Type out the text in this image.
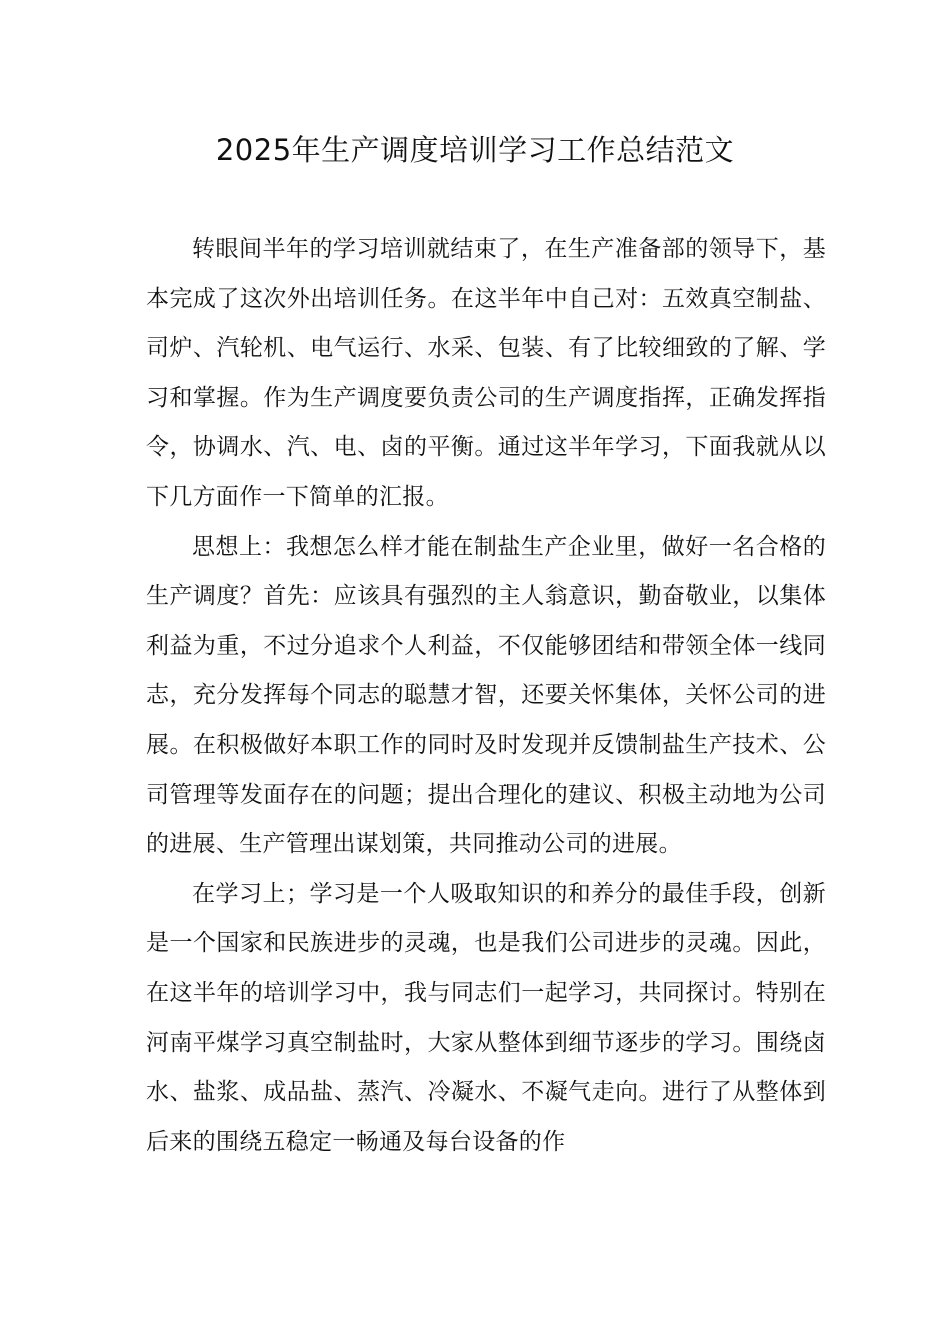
2025年生产调度培训学习工作总结范文

转眼间半年的学习培训就结束了，在生产准备部的领导下，基本完成了这次外出培训任务。在这半年中自己对：五效真空制盐、司炉、汽轮机、电气运行、水采、包装、有了比较细致的了解、学习和掌握。作为生产调度要负责公司的生产调度指挥，正确发挥指令，协调水、汽、电、卤的平衡。通过这半年学习，下面我就从以下几方面作一下简单的汇报。

思想上：我想怎么样才能在制盐生产企业里，做好一名合格的生产调度？首先：应该具有强烈的主人翁意识，勤奋敬业，以集体利益为重，不过分追求个人利益，不仅能够团结和带领全体一线同志，充分发挥每个同志的聪慧才智，还要关怀集体，关怀公司的进展。在积极做好本职工作的同时及时发现并反馈制盐生产技术、公司管理等发面存在的问题；提出合理化的建议、积极主动地为公司的进展、生产管理出谋划策，共同推动公司的进展。

在学习上；学习是一个人吸取知识的和养分的最佳手段，创新是一个国家和民族进步的灵魂，也是我们公司进步的灵魂。因此，在这半年的培训学习中，我与同志们一起学习，共同探讨。特别在河南平煤学习真空制盐时，大家从整体到细节逐步的学习。围绕卤水、盐浆、成品盐、蒸汽、冷凝水、不凝气走向。进行了从整体到后来的围绕五稳定一畅通及每台设备的作
